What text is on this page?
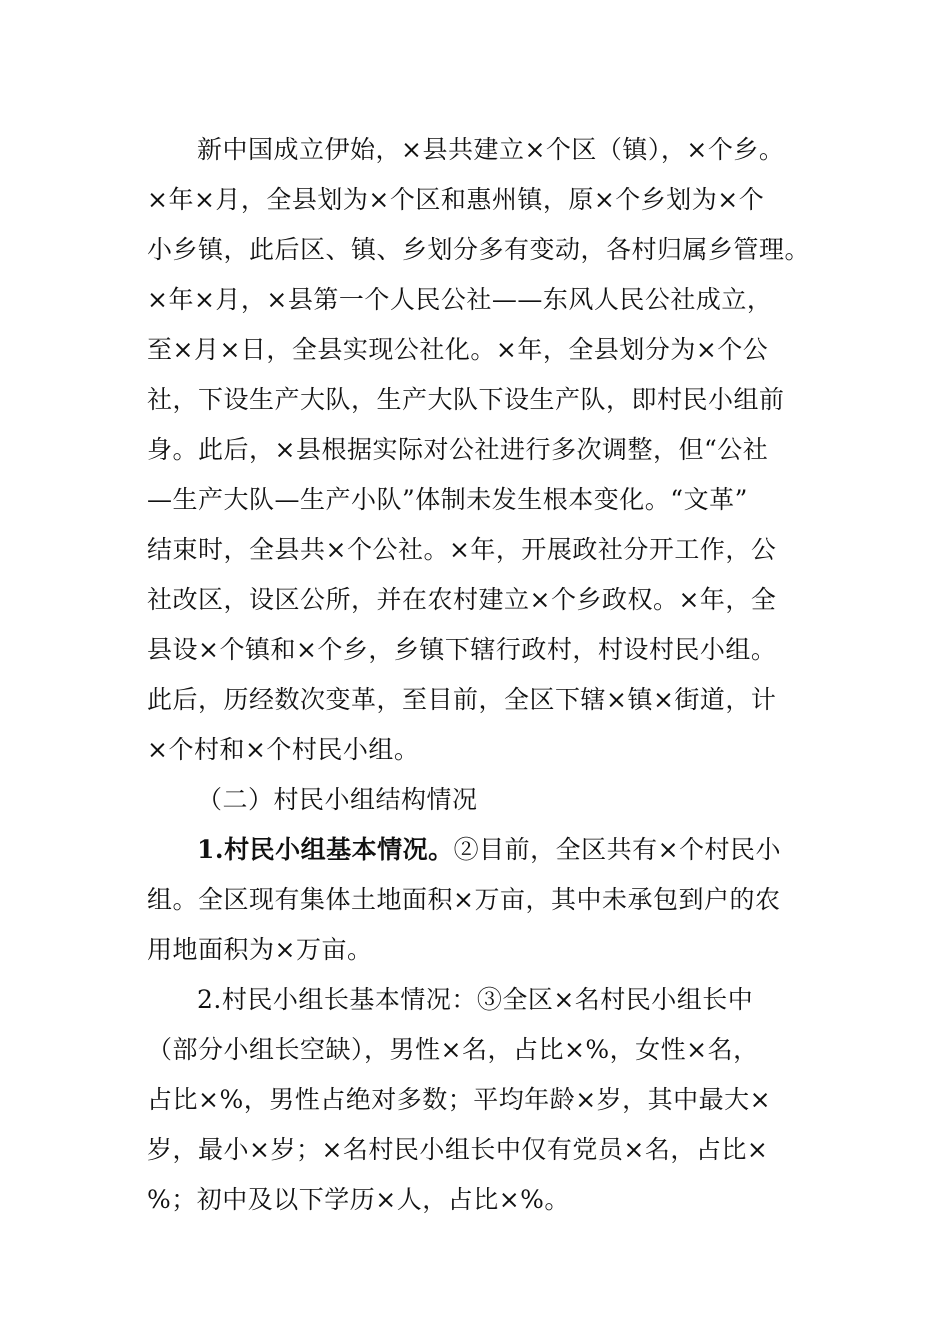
新中国成立伊始，×县共建立×个区（镇），×个乡。
×年×月，全县划为×个区和惠州镇，原×个乡划为×个
小乡镇，此后区、镇、乡划分多有变动，各村归属乡管理。
×年×月，×县第一个人民公社——东风人民公社成立，
至×月×日，全县实现公社化。×年，全县划分为×个公
社，下设生产大队，生产大队下设生产队，即村民小组前
身。此后，×县根据实际对公社进行多次调整，但“公社
—生产大队—生产小队”体制未发生根本变化。“文革”
结束时，全县共×个公社。×年，开展政社分开工作，公
社改区，设区公所，并在农村建立×个乡政权。×年，全
县设×个镇和×个乡，乡镇下辖行政村，村设村民小组。
此后，历经数次变革，至目前，全区下辖×镇×街道，计
×个村和×个村民小组。
（二）村民小组结构情况
1.村民小组基本情况。②目前，全区共有×个村民小
组。全区现有集体土地面积×万亩，其中未承包到户的农
用地面积为×万亩。
2.村民小组长基本情况：③全区×名村民小组长中
（部分小组长空缺），男性×名，占比×%，女性×名，
占比×%，男性占绝对多数；平均年龄×岁，其中最大×
岁，最小×岁；×名村民小组长中仅有党员×名，占比×
%；初中及以下学历×人，占比×%。
